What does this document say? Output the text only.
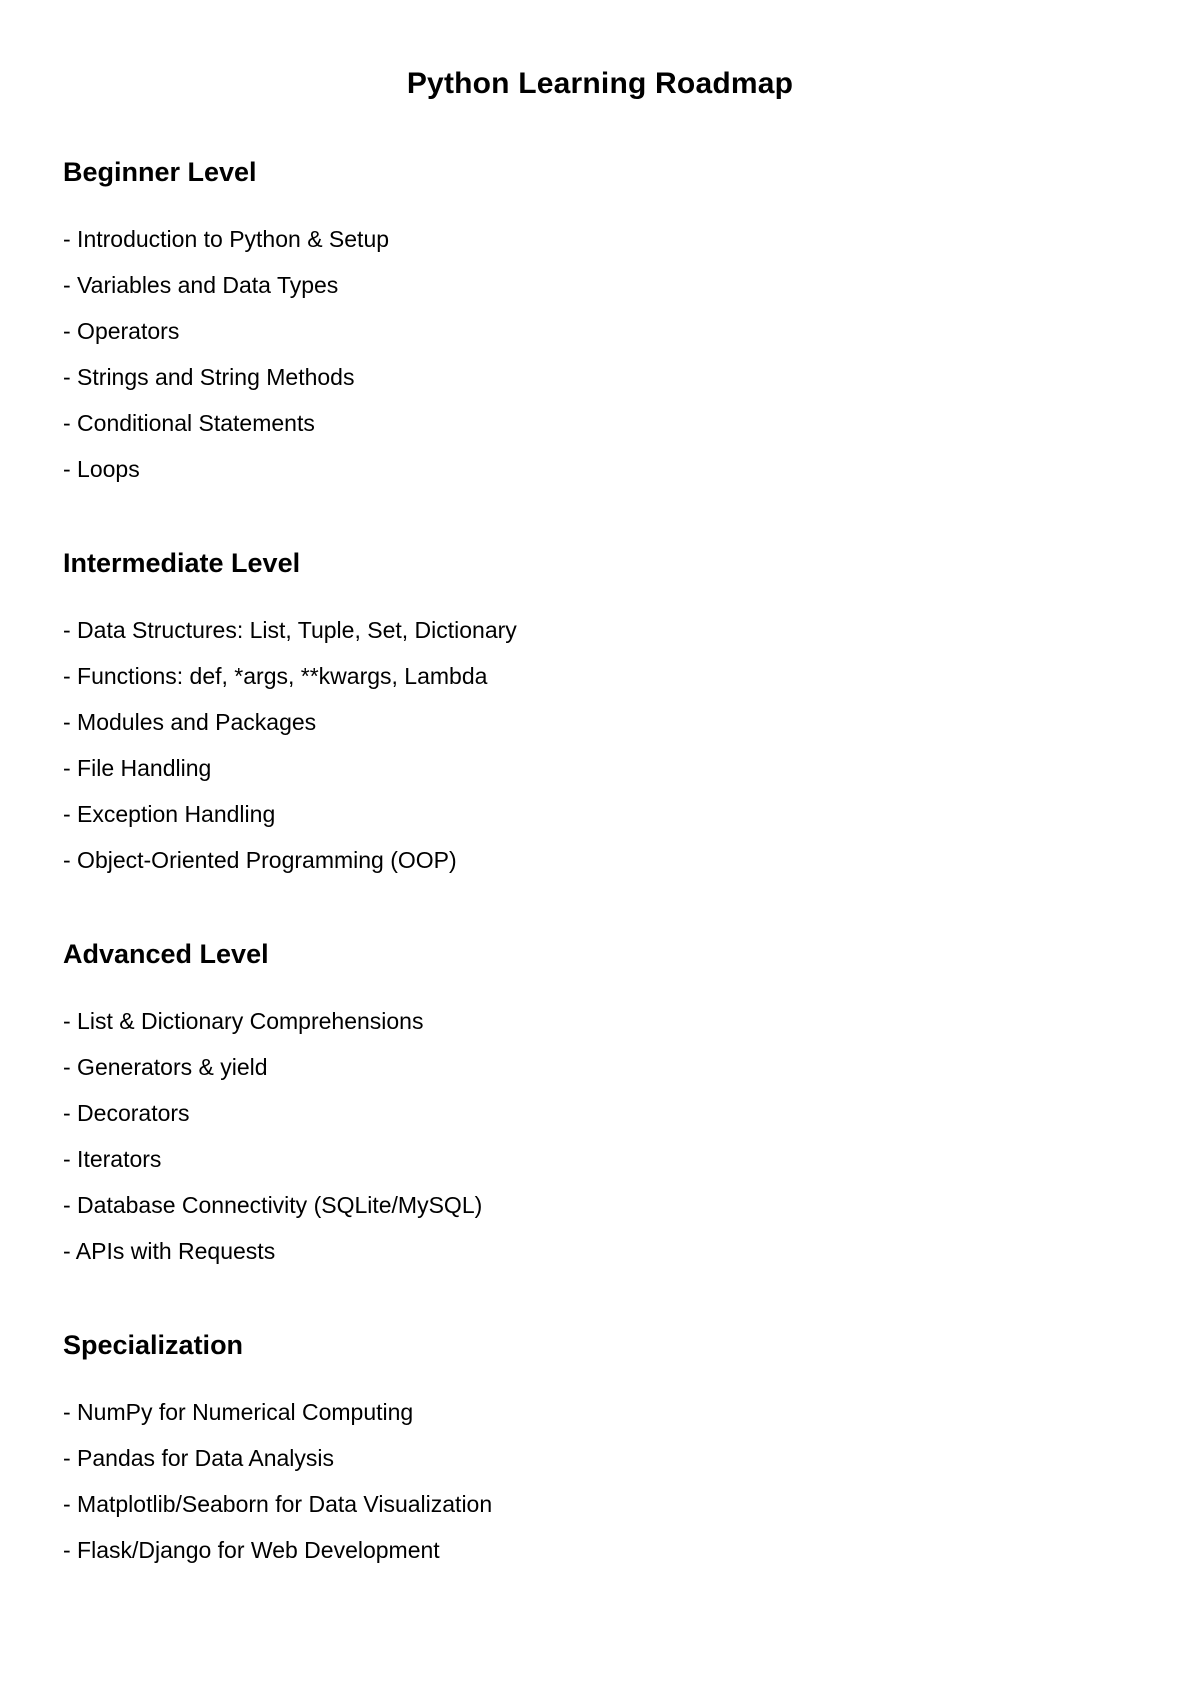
Python Learning Roadmap
Beginner Level
- Introduction to Python & Setup
- Variables and Data Types
- Operators
- Strings and String Methods
- Conditional Statements
- Loops
Intermediate Level
- Data Structures: List, Tuple, Set, Dictionary
- Functions: def, *args, **kwargs, Lambda
- Modules and Packages
- File Handling
- Exception Handling
- Object-Oriented Programming (OOP)
Advanced Level
- List & Dictionary Comprehensions
- Generators & yield
- Decorators
- Iterators
- Database Connectivity (SQLite/MySQL)
- APIs with Requests
Specialization
- NumPy for Numerical Computing
- Pandas for Data Analysis
- Matplotlib/Seaborn for Data Visualization
- Flask/Django for Web Development
